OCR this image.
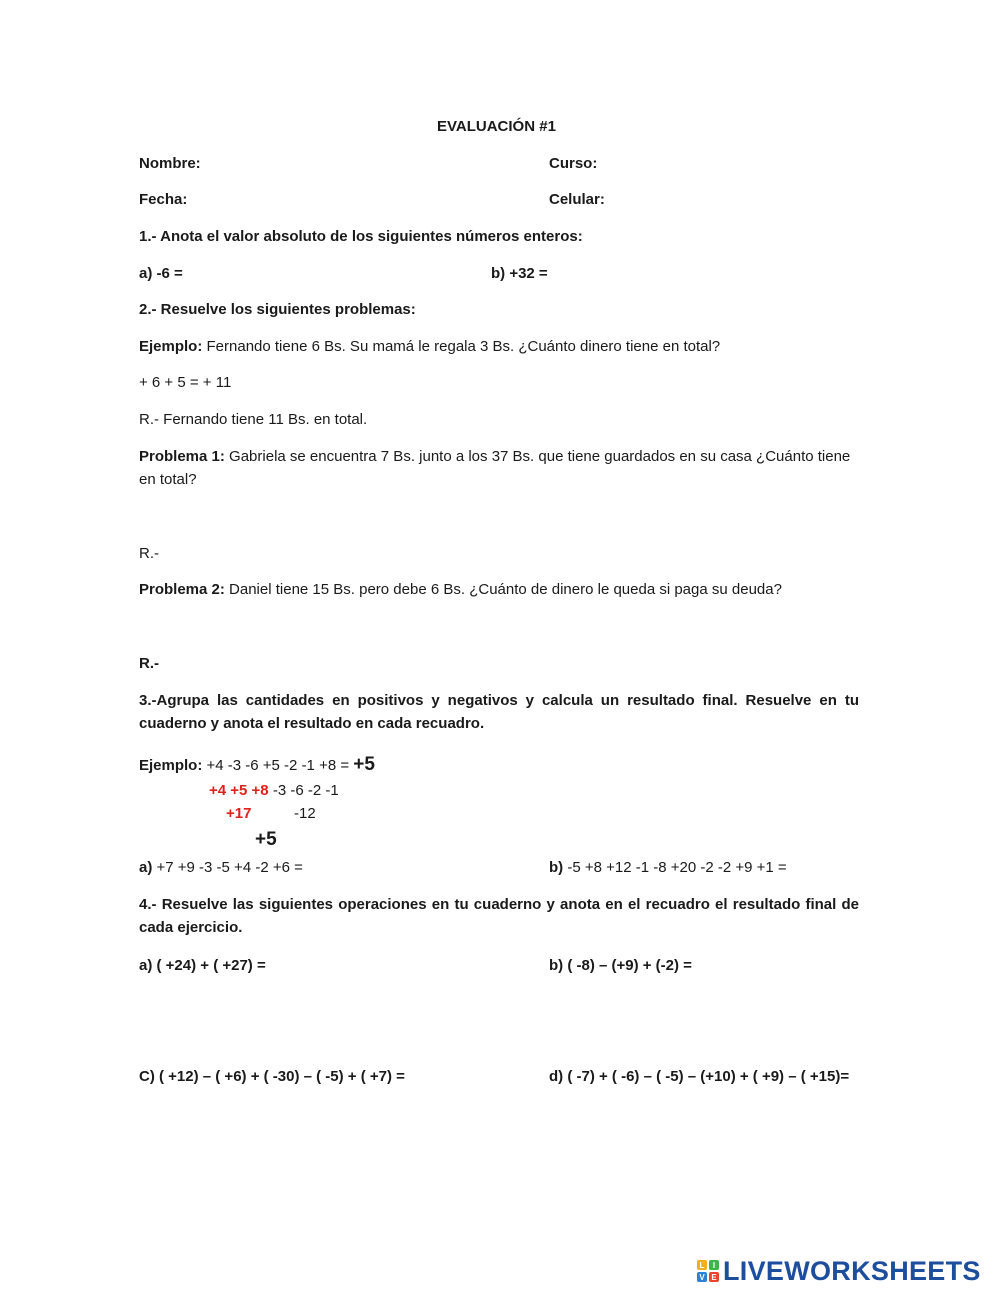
EVALUACIÓN #1
Nombre:	Curso:
Fecha:	Celular:
1.- Anota el valor absoluto de los siguientes números enteros:
a) -6 =	b) +32 =
2.- Resuelve los siguientes problemas:
Ejemplo: Fernando tiene 6 Bs. Su mamá le regala 3 Bs. ¿Cuánto dinero tiene en total?
+ 6 + 5 = + 11
R.- Fernando tiene 11 Bs. en total.
Problema 1: Gabriela se encuentra 7 Bs. junto a los 37 Bs. que tiene guardados en su casa ¿Cuánto tiene en total?
R.-
Problema 2: Daniel tiene 15 Bs. pero debe 6 Bs. ¿Cuánto de dinero le queda si paga su deuda?
R.-
3.-Agrupa las cantidades en positivos y negativos y calcula un resultado final. Resuelve en tu cuaderno y anota el resultado en cada recuadro.
Ejemplo: +4 -3 -6 +5 -2 -1 +8 = +5
+4 +5 +8 -3 -6 -2 -1
+17	-12
+5
a) +7 +9 -3 -5 +4 -2 +6 =	b) -5 +8 +12 -1 -8 +20 -2 -2 +9 +1 =
4.- Resuelve las siguientes operaciones en tu cuaderno y anota en el recuadro el resultado final de cada ejercicio.
a) ( +24) + ( +27) =	b) ( -8) – (+9) + (-2) =
C) ( +12) – ( +6) + ( -30) – ( -5) + ( +7) =	d) ( -7) + ( -6) – ( -5) – (+10) + ( +9) – ( +15)=
L	I
V E LIVEWORKSHEETS
